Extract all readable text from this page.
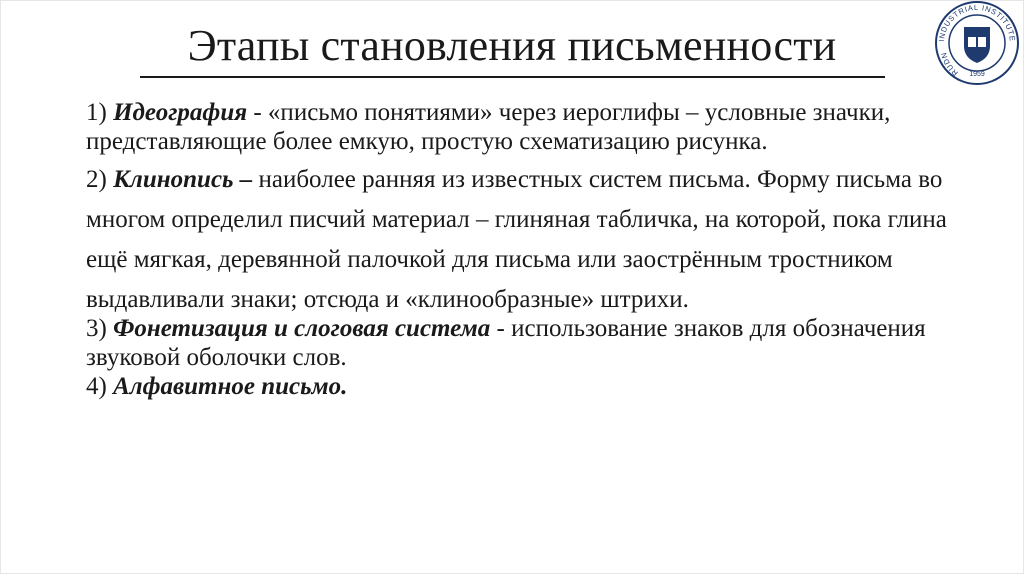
Этапы становления письменности	INDUSTRIAL INSTITUTE
RUDN
1959

1) Идеография - «письмо понятиями» через иероглифы – условные значки, представляющие более емкую, простую схематизацию рисунка.

2) Клинопись – наиболее ранняя из известных систем письма. Форму письма во многом определил писчий материал – глиняная табличка, на которой, пока глина ещё мягкая, деревянной палочкой для письма или заострённым тростником выдавливали знаки; отсюда и «клинообразные» штрихи.

3) Фонетизация и слоговая система - использование знаков для обозначения звуковой оболочки слов.

4) Алфавитное письмо.
